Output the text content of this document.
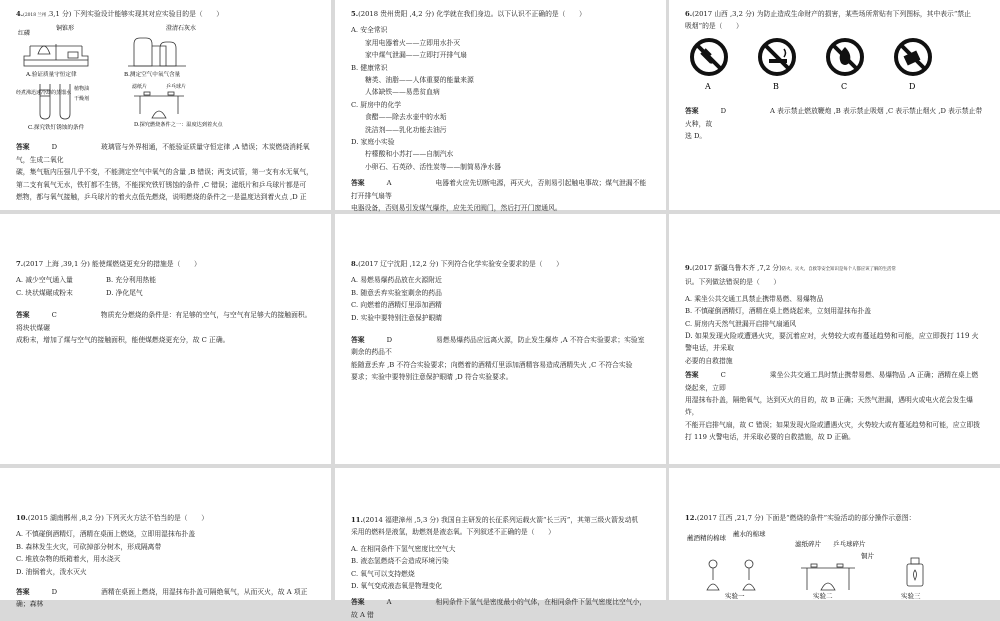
4.(2018 兰州 ,3,1 分) 下列实验设计能够实现其对应实验目的是（　　）
红磷
铜锥形	澄清石灰水
A.验证质量守恒定律	B.测定空气中氧气含量
经煮沸迅速冷却的蒸馏水
植物油
干燥剂
C.探究铁钉锈蚀的条件
滤纸片	乒乓球片
D.探究燃烧条件之一：温度达到着火点
答案	D　　　　　玻璃管与外界相通，不能验证质量守恒定律 ,A 错误；木炭燃烧消耗氧气，生成二氧化
碳，集气瓶内压强几乎不变，不能测定空气中氧气的含量 ,B 错误；两支试管，第一支有水无氧气，
第二支有氧气无水，铁钉都不生锈，不能探究铁钉锈蚀的条件 ,C 错误；滤纸片和乒乓球片都是可
燃物，都与氧气接触，乒乓球片的着火点低先燃烧，说明燃烧的条件之一是温度达到着火点 ,D 正
5.(2018 贵州贵阳 ,4,2 分) 化学就在我们身边。以下认识不正确的是（　　）
A. 安全常识
家用电器着火——立即用水扑灭
家中煤气泄漏——立即打开排气扇
B. 健康常识
糖类、油脂——人体重要的能量来源
人体缺铁——易患贫血病
C. 厨房中的化学
食醋——除去水壶中的水垢
洗洁剂——乳化功能去油污
D. 家庭小实验
柠檬酸和小苏打——自制汽水
小卵石、石英砂、活性炭等——制简易净水器
答案	A　　　　　电器着火应先切断电源，再灭火，否则易引起触电事故；煤气泄漏不能打开排气扇等
电器设备，否则易引发煤气爆炸，应先关闭阀门，然后打开门窗通风。
6.(2017 山西 ,3,2 分) 为防止造成生命财产的损害，某些场所常贴有下列图标，其中表示“禁止
吸烟”的是（　　）
A	B	C	D
答案	D　　　　　A 表示禁止燃放鞭炮 ,B 表示禁止吸烟 ,C 表示禁止烟火 ,D 表示禁止带火种，故
选 D。
7.(2017 上海 ,39,1 分) 能使煤燃烧更充分的措施是（　　）
A. 减少空气通入量	B. 充分利用热能
C. 块状煤碾成粉末	D. 净化尾气
答案	C　　　　　物质充分燃烧的条件是：有足够的空气，与空气有足够大的接触面积。将块状煤碾
成粉末，增加了煤与空气的接触面积，能使煤燃烧更充分，故 C 正确。
8.(2017 辽宁沈阳 ,12,2 分) 下列符合化学实验安全要求的是（　　）
A. 易燃易爆药品放在火源附近
B. 随意丢弃实验室剩余的药品
C. 向燃着的酒精灯里添加酒精
D. 实验中要特别注意保护眼睛
答案	D　　　　　易燃易爆药品应远离火源，防止发生爆炸 ,A 不符合实验要求；实验室剩余的药品不
能随意丢弃 ,B 不符合实验要求；向燃着的酒精灯里添加酒精容易造成酒精失火 ,C 不符合实验
要求；实验中要特别注意保护眼睛 ,D 符合实验要求。
9.(2017 新疆乌鲁木齐 ,7,2 分)防火、灭火、自救等安全知识是每个人都应该了解的生活常
识。下列做法错误的是（　　）
A. 乘坐公共交通工具禁止携带易燃、易爆物品
B. 不慎碰倒酒精灯，酒精在桌上燃烧起来，立刻用湿抹布扑盖
C. 厨房内天然气泄漏开启排气扇通风
D. 如果发现火险或遭遇火灾，要沉着应对，火势较大或有蔓延趋势和可能，应立即拨打 119 火警电话，并采取
必要的自救措施
答案	C　　　　　乘坐公共交通工具时禁止携带易燃、易爆物品 ,A 正确；酒精在桌上燃烧起来，立即
用湿抹布扑盖，隔绝氧气，达到灭火的目的，故 B 正确；天然气泄漏，遇明火或电火花会发生爆炸，
不能开启排气扇，故 C 错误；如果发现火险或遭遇火灾，火势较大或有蔓延趋势和可能，应立即拨
打 119 火警电话，并采取必要的自救措施，故 D 正确。
10.(2015 湖南郴州 ,8,2 分) 下列灭火方法不恰当的是（　　）
A. 不慎碰倒酒精灯，酒精在桌面上燃烧，立即用湿抹布扑盖
B. 森林发生火灾，可砍掉部分树木，形成隔离带
C. 堆放杂物的纸箱着火，用水浇灭
D. 油锅着火，泼水灭火
答案	D　　　　　酒精在桌面上燃烧，用湿抹布扑盖可隔绝氧气，从而灭火，故 A 项正确；森林
11.(2014 福建漳州 ,5,3 分) 我国自主研发的长征系列运载火箭“长三丙”，其第三级火箭发动机
采用的燃料是液氢，助燃剂是液态氧。下列叙述不正确的是（　　）
A. 在相同条件下氢气密度比空气大
B. 液态氢燃烧不会造成环境污染
C. 氧气可以支持燃烧
D. 氧气变成液态氧是物理变化
答案	A　　　　　相同条件下氢气是密度最小的气体，在相同条件下氢气密度比空气小，故 A 错
12.(2017 江西 ,21,7 分) 下面是“燃烧的条件”实验活动的部分操作示意图：
蘸酒精的棉球 蘸水的棉球
滤纸碎片 乒乓球碎片
铜片
实验一	实验二	实验三
